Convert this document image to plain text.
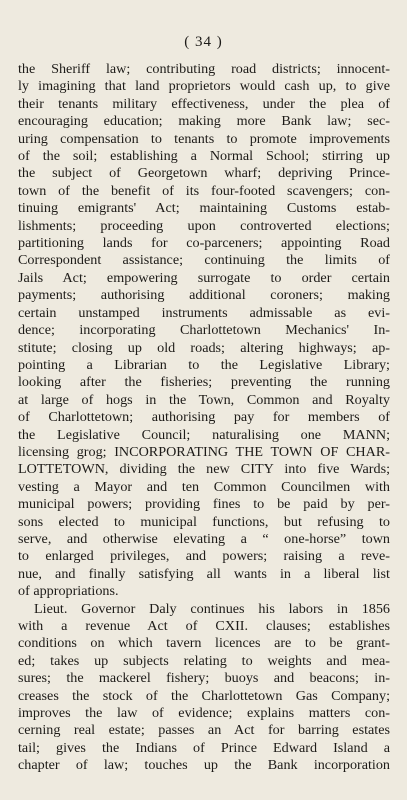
( 34 )
the Sheriff law; contributing road districts; innocent-
ly imagining that land proprietors would cash up, to give
their tenants military effectiveness, under the plea of
encouraging education; making more Bank law; sec-
uring compensation to tenants to promote improvements
of the soil; establishing a Normal School; stirring up
the subject of Georgetown wharf; depriving Prince-
town of the benefit of its four-footed scavengers; con-
tinuing emigrants' Act; maintaining Customs estab-
lishments; proceeding upon controverted elections;
partitioning lands for co-parceners; appointing Road
Correspondent assistance; continuing the limits of
Jails Act; empowering surrogate to order certain
payments; authorising additional coroners; making
certain unstamped instruments admissable as evi-
dence; incorporating Charlottetown Mechanics' In-
stitute; closing up old roads; altering highways; ap-
pointing a Librarian to the Legislative Library;
looking after the fisheries; preventing the running
at large of hogs in the Town, Common and Royalty
of Charlottetown; authorising pay for members of
the Legislative Council; naturalising one MANN;
licensing grog; INCORPORATING THE TOWN OF CHAR-
LOTTETOWN, dividing the new CITY into five Wards;
vesting a Mayor and ten Common Councilmen with
municipal powers; providing fines to be paid by per-
sons elected to municipal functions, but refusing to
serve, and otherwise elevating a “ one-horse” town
to enlarged privileges, and powers; raising a reve-
nue, and finally satisfying all wants in a liberal list
of appropriations.
Lieut. Governor Daly continues his labors in 1856
with a revenue Act of CXII. clauses; establishes
conditions on which tavern licences are to be grant-
ed; takes up subjects relating to weights and mea-
sures; the mackerel fishery; buoys and beacons; in-
creases the stock of the Charlottetown Gas Company;
improves the law of evidence; explains matters con-
cerning real estate; passes an Act for barring estates
tail; gives the Indians of Prince Edward Island a
chapter of law; touches up the Bank incorporation
